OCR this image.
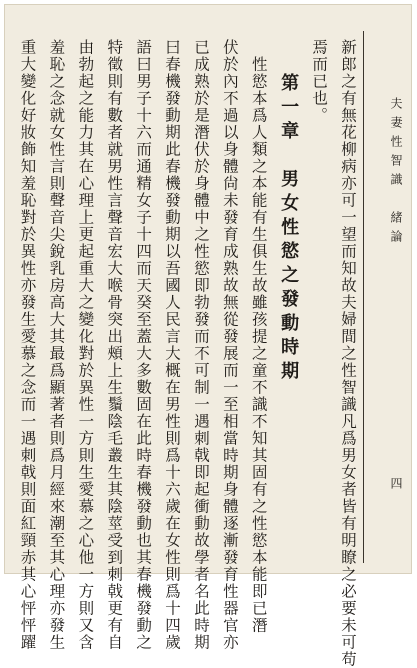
夫妻性智識　緒論
四
新郎之有無花柳病亦可一望而知故夫婦間之性智識凡爲男女者皆有明瞭之必要未可苟
焉而已也。
第一章　男女性慾之發動時期
性慾本爲人類之本能有生俱生故雖孩提之童不識不知其固有之性慾本能即已潛
伏於內不過以身體尙未發育成熟故無從發展而一至相當時期身體逐漸發育性器官亦
已成熟於是潛伏於身體中之性慾即勃發而不可制一遇刺戟即起衝動故學者名此時期
曰春機發動期此春機發動期以吾國人民言大概在男性則爲十六歲在女性則爲十四歲
語曰男子十六而通精女子十四而天癸至蓋大多數固在此時春機發動也其春機發動之
特徵則有數者就男性言聲音宏大喉骨突出頰上生鬚陰毛叢生其陰莖受到刺戟更有自
由勃起之能力其在心理上更起重大之變化對於異性一方則生愛慕之心他一方則又含
羞恥之念就女性言則聲音尖銳乳房高大其最爲顯著者則爲月經來潮至其心理亦發生
重大變化好妝飾知羞恥對於異性亦發生愛慕之念而一遇刺戟則面紅頸赤其心怦怦躍
